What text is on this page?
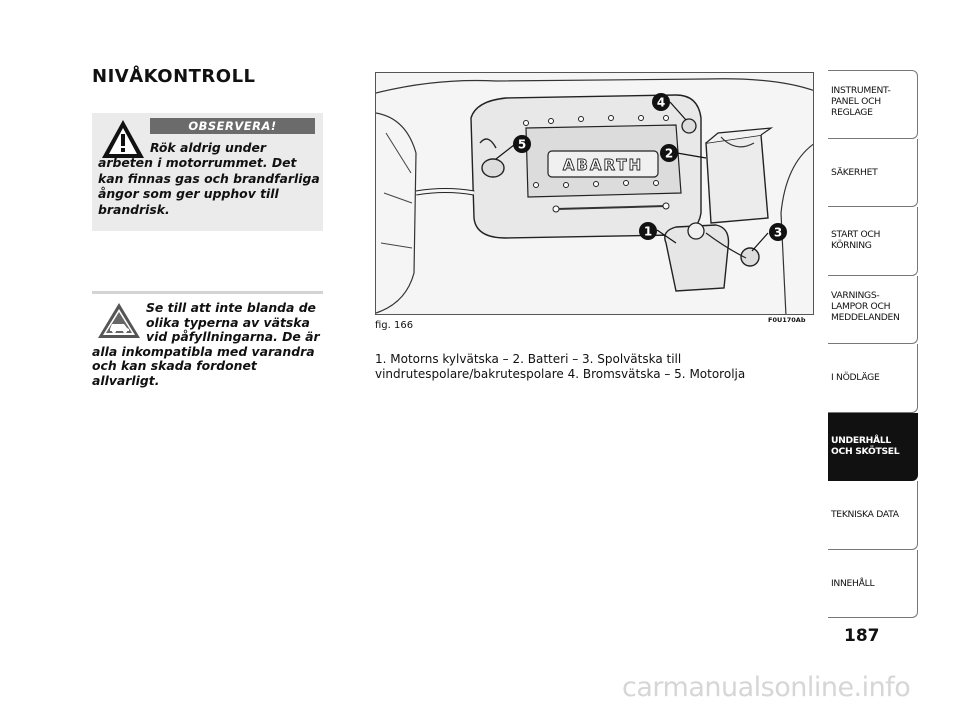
NIVÅKONTROLL
OBSERVERA!
Rök aldrig under arbeten i motorrummet. Det kan finnas gas och brandfarliga ångor som ger upphov till brandrisk.
Se till att inte blanda de
olika typerna av vätska
vid påfyllningarna. De är
alla inkompatibla med varandra och kan skada fordonet allvarligt.
ABARTH
1
2
3
4
5
fig. 166	F0U170Ab
1. Motorns kylvätska – 2. Batteri – 3. Spolvätska till vindrutespolare/bakrutespolare 4. Bromsvätska – 5. Motorolja
INSTRUMENT-
PANEL OCH
REGLAGE
SÄKERHET
START OCH
KÖRNING
VARNINGS-
LAMPOR OCH
MEDDELANDEN
I NÖDLÄGE
UNDERHÅLL
OCH SKÖTSEL
TEKNISKA DATA
INNEHÅLL
187
carmanualsonline.info
